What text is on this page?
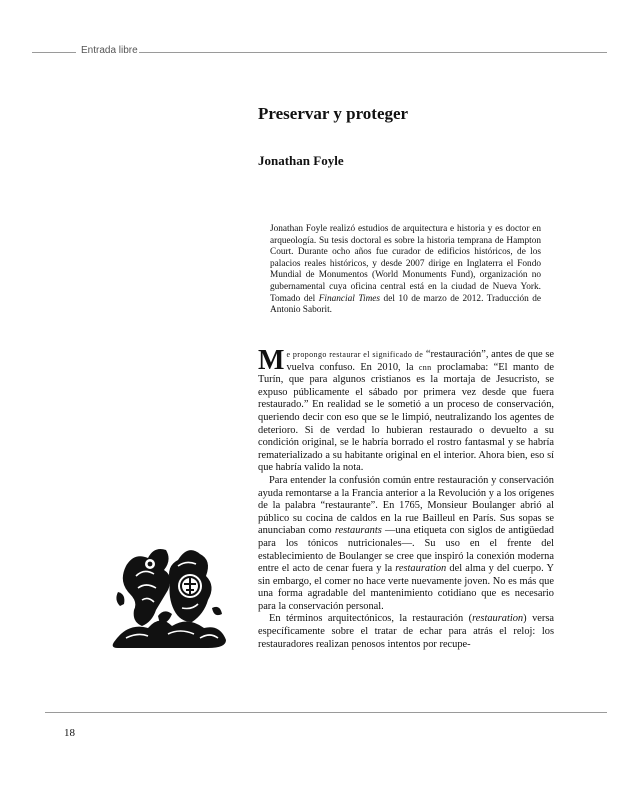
Entrada libre
Preservar y proteger
Jonathan Foyle

Jonathan Foyle realizó estudios de arquitectura e historia y es doctor en arqueología. Su tesis doctoral es sobre la historia temprana de Hampton Court. Durante ocho años fue curador de edificios históricos, de los palacios reales históricos, y desde 2007 dirige en Inglaterra el Fondo Mundial de Monumentos (World Monuments Fund), organización no gubernamental cuya oficina central está en la ciudad de Nueva York. Tomado del Financial Times del 10 de marzo de 2012. Traducción de Antonio Saborit.

Me propongo restaurar el significado de “restauración”, antes de que se vuelva confuso. En 2010, la cnn proclamaba: “El manto de Turín, que para algunos cristianos es la mortaja de Jesucristo, se expuso públicamente el sábado por primera vez desde que fuera restaurado.” En realidad se le sometió a un proceso de conservación, queriendo decir con eso que se le limpió, neutralizando los agentes de deterioro. Si de verdad lo hubieran restaurado o devuelto a su condición original, se le habría borrado el rostro fantasmal y se habría rematerializado a su habitante original en el interior. Ahora bien, eso sí que habría valido la nota.

Para entender la confusión común entre restauración y conservación ayuda remontarse a la Francia anterior a la Revolución y a los orígenes de la palabra “restaurante”. En 1765, Monsieur Boulanger abrió al público su cocina de caldos en la rue Bailleul en París. Sus sopas se anunciaban como restaurants —una etiqueta con siglos de antigüedad para los tónicos nutricionales—. Su uso en el frente del establecimiento de Boulanger se cree que inspiró la conexión moderna entre el acto de cenar fuera y la restauration del alma y del cuerpo. Y sin embargo, el comer no hace verte nuevamente joven. No es más que una forma agradable del mantenimiento cotidiano que es necesario para la conservación personal.

En términos arquitectónicos, la restauración (restauration) versa específicamente sobre el tratar de echar para atrás el reloj: los restauradores realizan penosos intentos por recupe-

18
